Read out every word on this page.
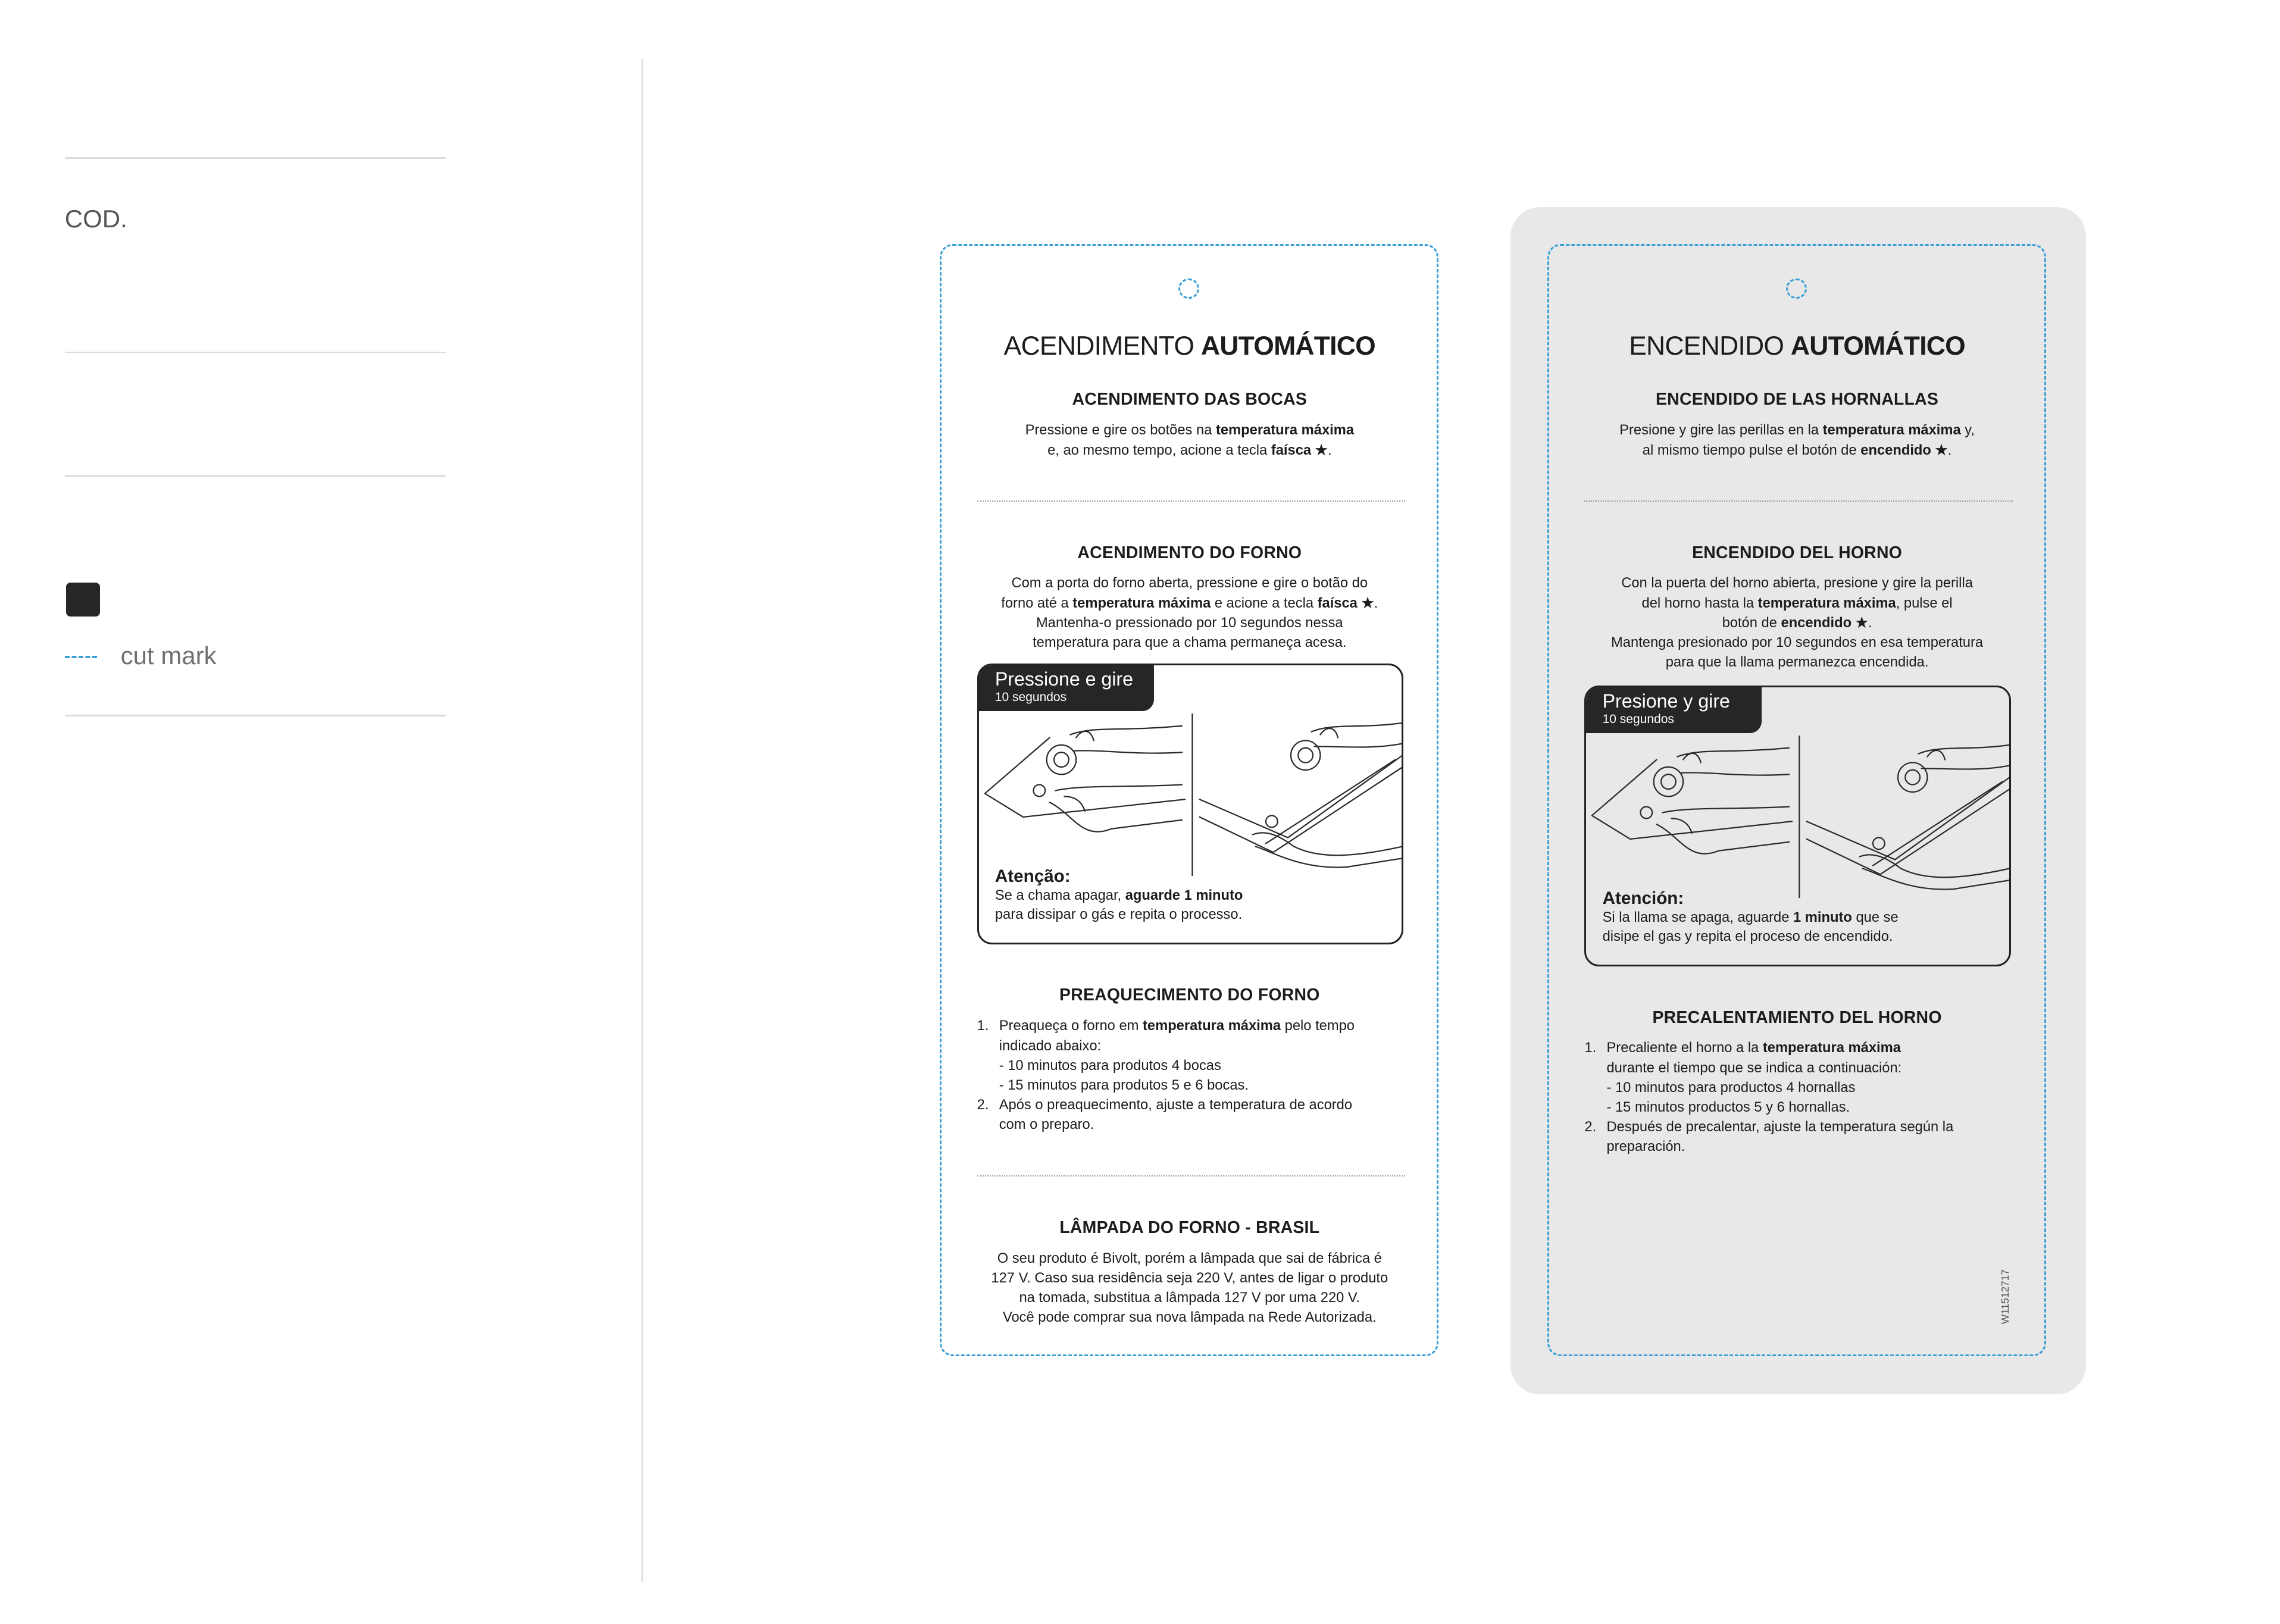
COD.
cut mark
ACENDIMENTO AUTOMÁTICO
ACENDIMENTO DAS BOCAS
Pressione e gire os botões na temperatura máxima
e, ao mesmo tempo, acione a tecla faísca ★.
ACENDIMENTO DO FORNO
Com a porta do forno aberta, pressione e gire o botão do
forno até a temperatura máxima e acione a tecla faísca ★.
Mantenha-o pressionado por 10 segundos nessa
temperatura para que a chama permaneça acesa.
Pressione e gire
10 segundos
Atenção:
Se a chama apagar, aguarde 1 minuto
para dissipar o gás e repita o processo.
PREAQUECIMENTO DO FORNO
1.	Preaqueça o forno em temperatura máxima pelo tempo
indicado abaixo:
- 10 minutos para produtos 4 bocas
- 15 minutos para produtos 5 e 6 bocas.
2.	Após o preaquecimento, ajuste a temperatura de acordo
com o preparo.
LÂMPADA DO FORNO - BRASIL
O seu produto é Bivolt, porém a lâmpada que sai de fábrica é
127 V. Caso sua residência seja 220 V, antes de ligar o produto
na tomada, substitua a lâmpada 127 V por uma 220 V.
Você pode comprar sua nova lâmpada na Rede Autorizada.
ENCENDIDO AUTOMÁTICO
ENCENDIDO DE LAS HORNALLAS
Presione y gire las perillas en la temperatura máxima y,
al mismo tiempo pulse el botón de encendido ★.
ENCENDIDO DEL HORNO
Con la puerta del horno abierta, presione y gire la perilla
del horno hasta la temperatura máxima, pulse el
botón de encendido ★.
Mantenga presionado por 10 segundos en esa temperatura
para que la llama permanezca encendida.
Presione y gire
10 segundos
Atención:
Si la llama se apaga, aguarde 1 minuto que se
disipe el gas y repita el proceso de encendido.
PRECALENTAMIENTO DEL HORNO
1.	Precaliente el horno a la temperatura máxima
durante el tiempo que se indica a continuación:
- 10 minutos para productos 4 hornallas
- 15 minutos productos 5 y 6 hornallas.
2.	Después de precalentar, ajuste la temperatura según la
preparación.
W11512717
